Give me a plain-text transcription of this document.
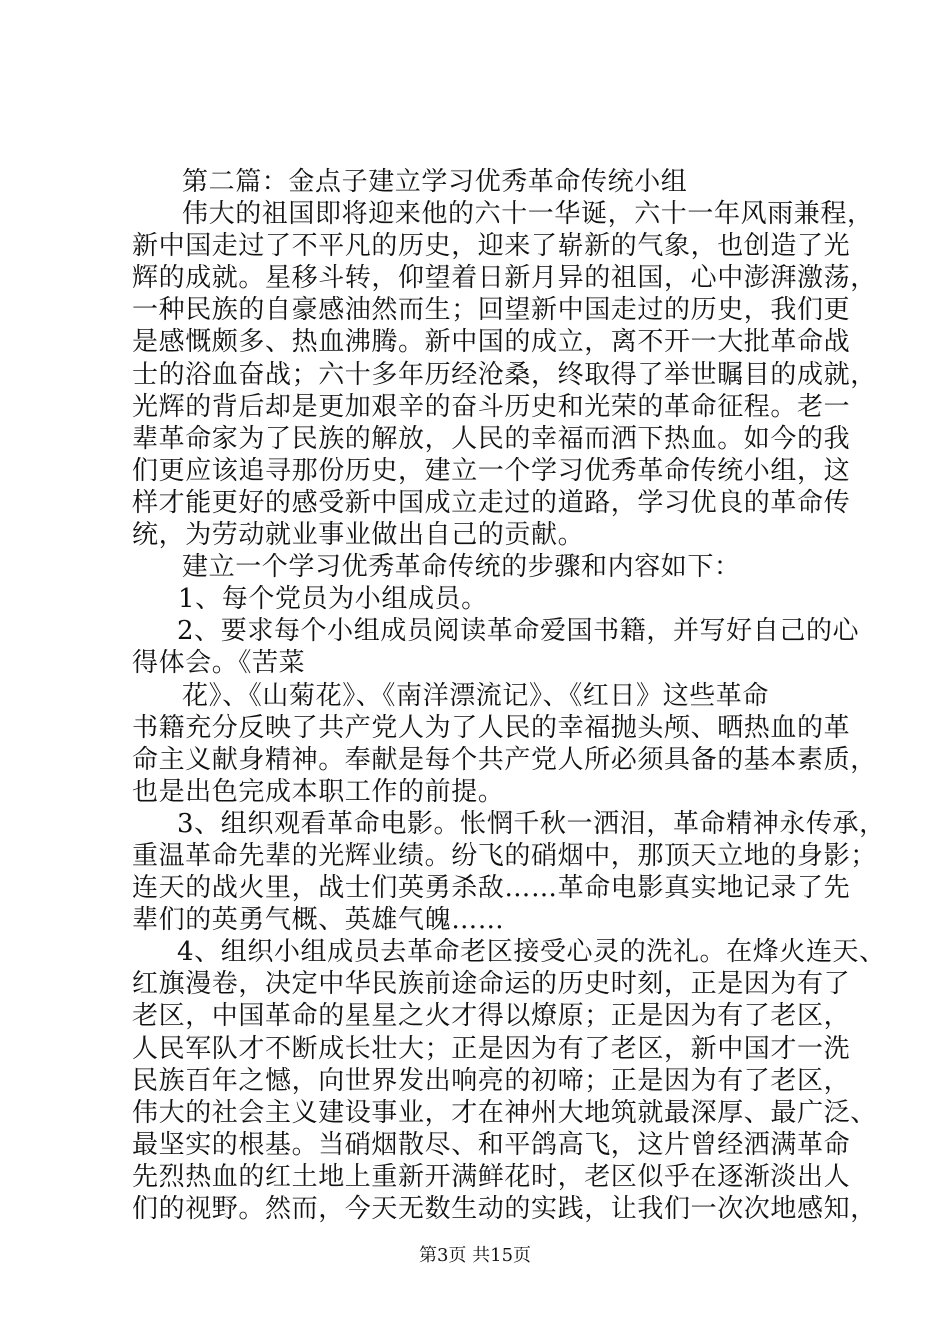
第二篇：金点子建立学习优秀革命传统小组
伟大的祖国即将迎来他的六十一华诞，六十一年风雨兼程，
新中国走过了不平凡的历史，迎来了崭新的气象，也创造了光
辉的成就。星移斗转，仰望着日新月异的祖国，心中澎湃激荡，
一种民族的自豪感油然而生；回望新中国走过的历史，我们更
是感慨颇多、热血沸腾。新中国的成立，离不开一大批革命战
士的浴血奋战；六十多年历经沧桑，终取得了举世瞩目的成就，
光辉的背后却是更加艰辛的奋斗历史和光荣的革命征程。老一
辈革命家为了民族的解放，人民的幸福而洒下热血。如今的我
们更应该追寻那份历史，建立一个学习优秀革命传统小组，这
样才能更好的感受新中国成立走过的道路，学习优良的革命传
统，为劳动就业事业做出自己的贡献。
建立一个学习优秀革命传统的步骤和内容如下：
1、每个党员为小组成员。
2、要求每个小组成员阅读革命爱国书籍，并写好自己的心
得体会。《苦菜
花》、《山菊花》、《南洋漂流记》、《红日》这些革命
书籍充分反映了共产党人为了人民的幸福抛头颅、晒热血的革
命主义献身精神。奉献是每个共产党人所必须具备的基本素质，
也是出色完成本职工作的前提。
3、组织观看革命电影。怅惘千秋一洒泪，革命精神永传承，
重温革命先辈的光辉业绩。纷飞的硝烟中，那顶天立地的身影；
连天的战火里，战士们英勇杀敌……革命电影真实地记录了先
辈们的英勇气概、英雄气魄……
4、组织小组成员去革命老区接受心灵的洗礼。在烽火连天、
红旗漫卷，决定中华民族前途命运的历史时刻，正是因为有了
老区，中国革命的星星之火才得以燎原；正是因为有了老区，
人民军队才不断成长壮大；正是因为有了老区，新中国才一洗
民族百年之憾，向世界发出响亮的初啼；正是因为有了老区，
伟大的社会主义建设事业，才在神州大地筑就最深厚、最广泛、
最坚实的根基。当硝烟散尽、和平鸽高飞，这片曾经洒满革命
先烈热血的红土地上重新开满鲜花时，老区似乎在逐渐淡出人
们的视野。然而，今天无数生动的实践，让我们一次次地感知，
第3页 共15页
